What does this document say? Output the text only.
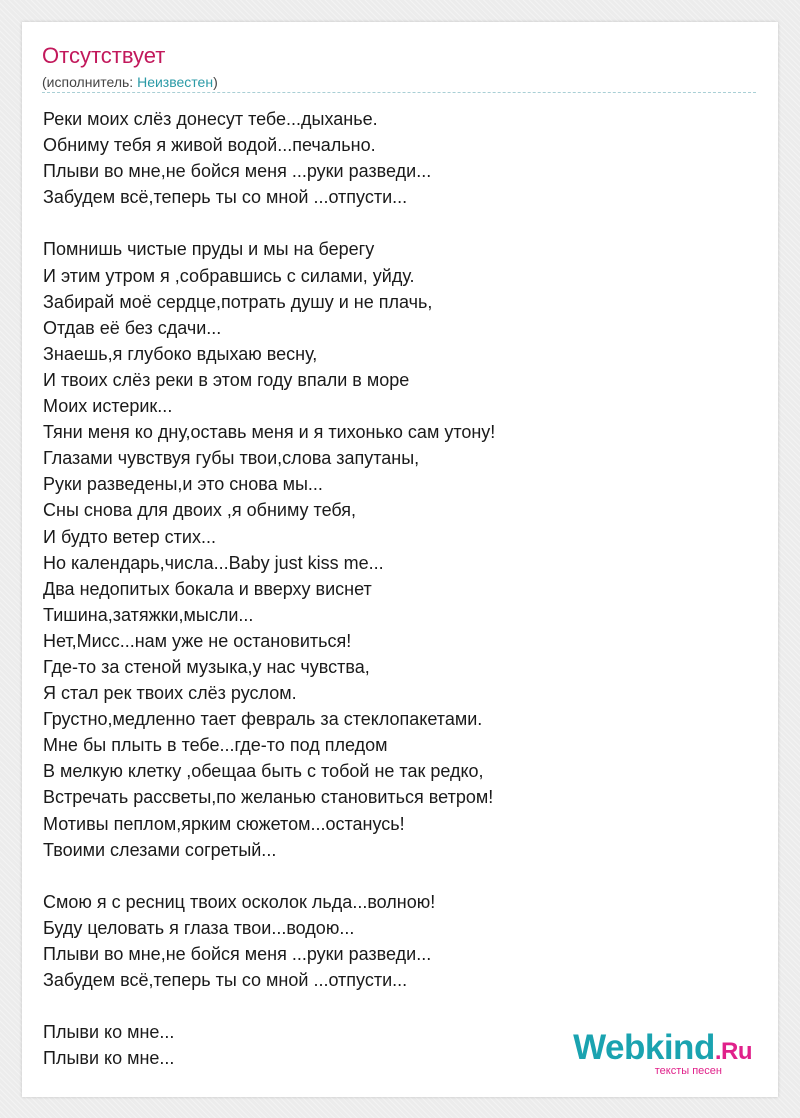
Отсутствует
(исполнитель: Неизвестен)
Реки моих слёз донесут тебе...дыханье.
Обниму тебя я живой водой...печально.
Плыви во мне,не бойся меня ...руки разведи...
Забудем всё,теперь ты со мной ...отпусти...
Помнишь чистые пруды и мы на берегу
И этим утром я ,собравшись с силами, уйду.
Забирай моё сердце,потрать душу и не плачь,
Отдав её без сдачи...
Знаешь,я глубоко вдыхаю весну,
И твоих слёз реки в этом году впали в море
Моих истерик...
Тяни меня ко дну,оставь меня и я тихонько сам утону!
Глазами чувствуя губы твои,слова запутаны,
Руки разведены,и это снова мы...
Сны снова для двоих ,я обниму тебя,
И будто ветер стих...
Но календарь,числа...Baby just kiss me...
Два недопитых бокала и вверху виснет
Тишина,затяжки,мысли...
Нет,Мисс...нам уже не остановиться!
Где-то за стеной музыка,у нас чувства,
Я стал рек твоих слёз руслом.
Грустно,медленно тает февраль за стеклопакетами.
Мне бы плыть в тебе...где-то под пледом
В мелкую клетку ,обещаа быть с тобой не так редко,
Встречать рассветы,по желанью становиться ветром!
Мотивы пеплом,ярким сюжетом...останусь!
Твоими слезами согретый...
Смою я с ресниц твоих осколок льда...волною!
Буду целовать я глаза твои...водою...
Плыви во мне,не бойся меня ...руки разведи...
Забудем всё,теперь ты со мной ...отпусти...
Плыви ко мне...
Плыви ко мне...	Webkind.Ru
тексты песен
